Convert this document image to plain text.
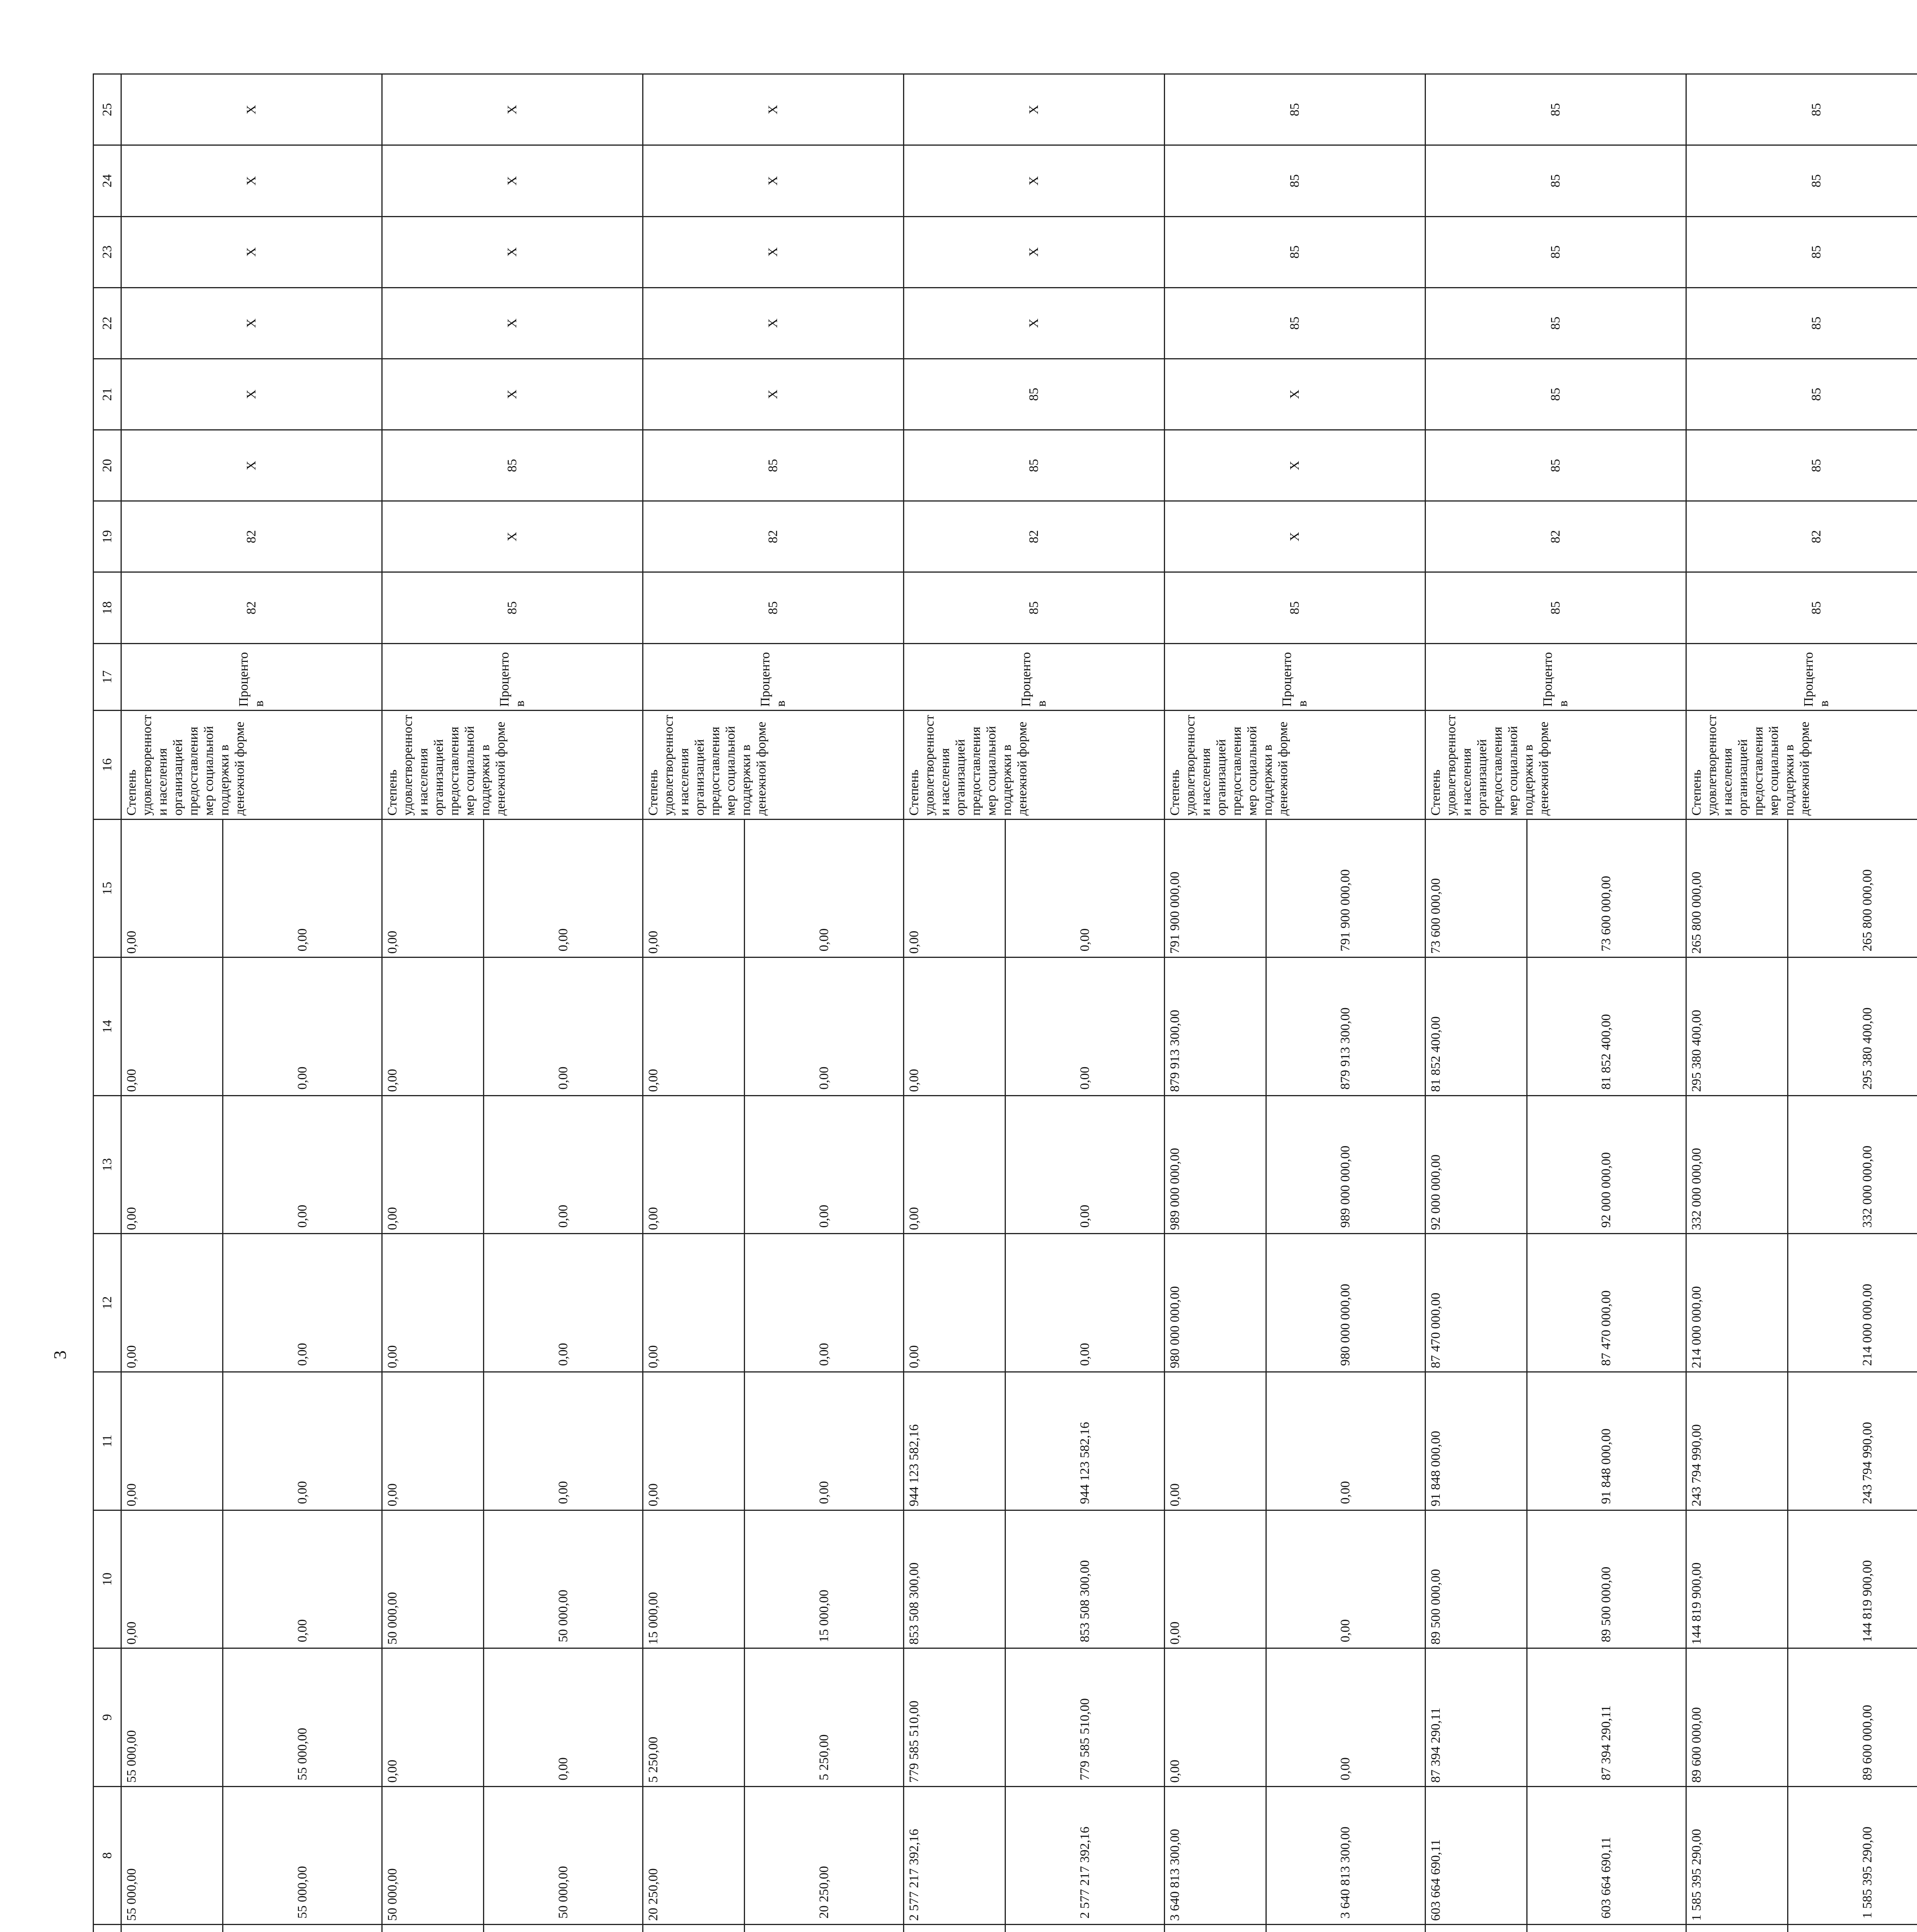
3
							8	9	10	11	12	13	14	15	16	17	18	19	20	21	22	23	24	25
							55 000,00	55 000,00	0,00	0,00	0,00	0,00	0,00	0,00	Степень удовлетворенности населения организацией предоставления мер социальной поддержки в денежной форме	Процентов	82	82	X	X	X	X	X	X
	55 000,00	55 000,00	0,00	0,00	0,00	0,00	0,00	0,00										
							50 000,00	0,00	50 000,00	0,00	0,00	0,00	0,00	0,00	Степень удовлетворенности населения организацией предоставления мер социальной поддержки в денежной форме	Процентов	85	X	85	X	X	X	X	X
	50 000,00	0,00	50 000,00	0,00	0,00	0,00	0,00	0,00										
							20 250,00	5 250,00	15 000,00	0,00	0,00	0,00	0,00	0,00	Степень удовлетворенности населения организацией предоставления мер социальной поддержки в денежной форме	Процентов	85	82	85	X	X	X	X	X
	20 250,00	5 250,00	15 000,00	0,00	0,00	0,00	0,00	0,00										
							2 577 217 392,16	779 585 510,00	853 508 300,00	944 123 582,16	0,00	0,00	0,00	0,00	Степень удовлетворенности населения организацией предоставления мер социальной поддержки в денежной форме	Процентов	85	82	85	85	X	X	X	X
	2 577 217 392,16	779 585 510,00	853 508 300,00	944 123 582,16	0,00	0,00	0,00	0,00										
							3 640 813 300,00	0,00	0,00	0,00	980 000 000,00	989 000 000,00	879 913 300,00	791 900 000,00	Степень удовлетворенности населения организацией предоставления мер социальной поддержки в денежной форме	Процентов	85	X	X	X	85	85	85	85
	3 640 813 300,00	0,00	0,00	0,00	980 000 000,00	989 000 000,00	879 913 300,00	791 900 000,00										
							603 664 690,11	87 394 290,11	89 500 000,00	91 848 000,00	87 470 000,00	92 000 000,00	81 852 400,00	73 600 000,00	Степень удовлетворенности населения организацией предоставления мер социальной поддержки в денежной форме	Процентов	85	82	85	85	85	85	85	85
	603 664 690,11	87 394 290,11	89 500 000,00	91 848 000,00	87 470 000,00	92 000 000,00	81 852 400,00	73 600 000,00										
							1 585 395 290,00	89 600 000,00	144 819 900,00	243 794 990,00	214 000 000,00	332 000 000,00	295 380 400,00	265 800 000,00	Степень удовлетворенности населения организацией предоставления мер социальной поддержки в денежной форме	Процентов	85	82	85	85	85	85	85	85
	1 585 395 290,00	89 600 000,00	144 819 900,00	243 794 990,00	214 000 000,00	332 000 000,00	295 380 400,00	265 800 000,00										
